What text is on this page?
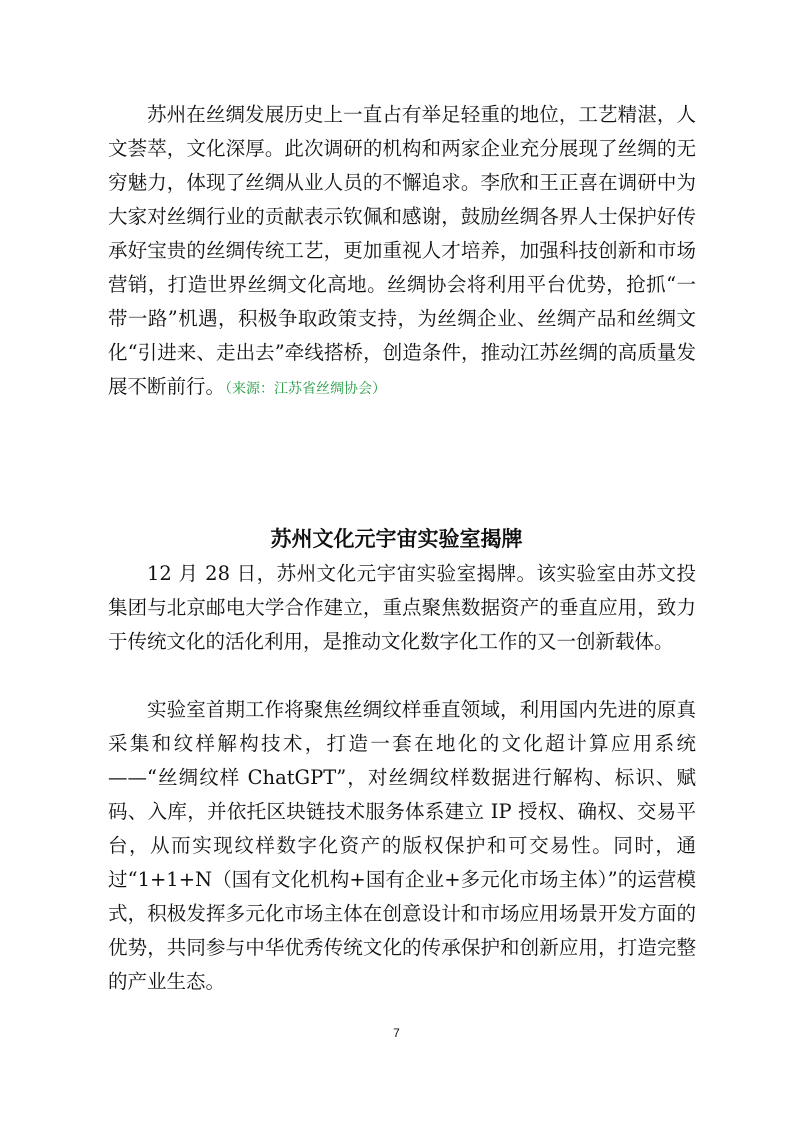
苏州在丝绸发展历史上一直占有举足轻重的地位，工艺精湛，人文荟萃，文化深厚。此次调研的机构和两家企业充分展现了丝绸的无穷魅力，体现了丝绸从业人员的不懈追求。李欣和王正喜在调研中为大家对丝绸行业的贡献表示钦佩和感谢，鼓励丝绸各界人士保护好传承好宝贵的丝绸传统工艺，更加重视人才培养，加强科技创新和市场营销，打造世界丝绸文化高地。丝绸协会将利用平台优势，抢抓“一带一路”机遇，积极争取政策支持，为丝绸企业、丝绸产品和丝绸文化“引进来、走出去”牵线搭桥，创造条件，推动江苏丝绸的高质量发展不断前行。（来源：江苏省丝绸协会）

苏州文化元宇宙实验室揭牌

12 月 28 日，苏州文化元宇宙实验室揭牌。该实验室由苏文投集团与北京邮电大学合作建立，重点聚焦数据资产的垂直应用，致力于传统文化的活化利用，是推动文化数字化工作的又一创新载体。

实验室首期工作将聚焦丝绸纹样垂直领域，利用国内先进的原真采集和纹样解构技术，打造一套在地化的文化超计算应用系统——“丝绸纹样 ChatGPT”，对丝绸纹样数据进行解构、标识、赋码、入库，并依托区块链技术服务体系建立 IP 授权、确权、交易平台，从而实现纹样数字化资产的版权保护和可交易性。同时，通过“1+1+N（国有文化机构+国有企业+多元化市场主体）”的运营模式，积极发挥多元化市场主体在创意设计和市场应用场景开发方面的优势，共同参与中华优秀传统文化的传承保护和创新应用，打造完整的产业生态。

7
